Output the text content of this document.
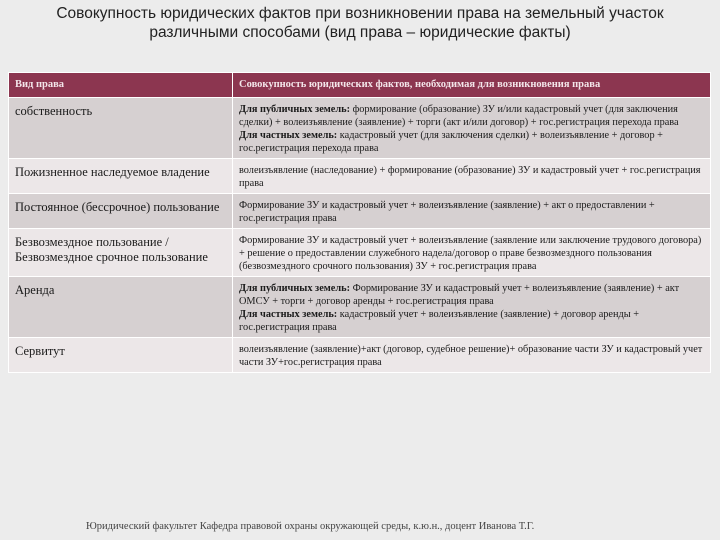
Совокупность юридических фактов при возникновении права на земельный участок различными способами (вид права – юридические факты)
Вид права	Совокупность юридических фактов, необходимая для возникновения права
собственность	Для публичных земель: формирование (образование) ЗУ и/или кадастровый учет (для заключения сделки) + волеизъявление (заявление) + торги (акт и/или договор) + гос.регистрация перехода права
Для частных земель: кадастровый учет (для заключения сделки) + волеизъявление + договор + гос.регистрация перехода права
Пожизненное наследуемое владение	волеизъявление (наследование) + формирование (образование) ЗУ и кадастровый учет + гос.регистрация права
Постоянное (бессрочное) пользование	Формирование ЗУ и кадастровый учет + волеизъявление (заявление) + акт о предоставлении + гос.регистрация права
Безвозмездное пользование / Безвозмездное срочное пользование	Формирование ЗУ и кадастровый учет + волеизъявление (заявление или заключение трудового договора) + решение о предоставлении служебного надела/договор о праве безвозмездного пользования (безвозмездного срочного пользования) ЗУ + гос.регистрация права
Аренда	Для публичных земель: Формирование ЗУ и кадастровый учет + волеизъявление (заявление) + акт ОМСУ + торги + договор аренды + гос.регистрация права
Для частных земель: кадастровый учет + волеизъявление (заявление) + договор аренды + гос.регистрация права
Сервитут	волеизъявление (заявление)+акт (договор, судебное решение)+ образование части ЗУ и кадастровый учет части ЗУ+гос.регистрация права
Юридический факультет Кафедра правовой охраны окружающей среды, к.ю.н., доцент Иванова Т.Г.
